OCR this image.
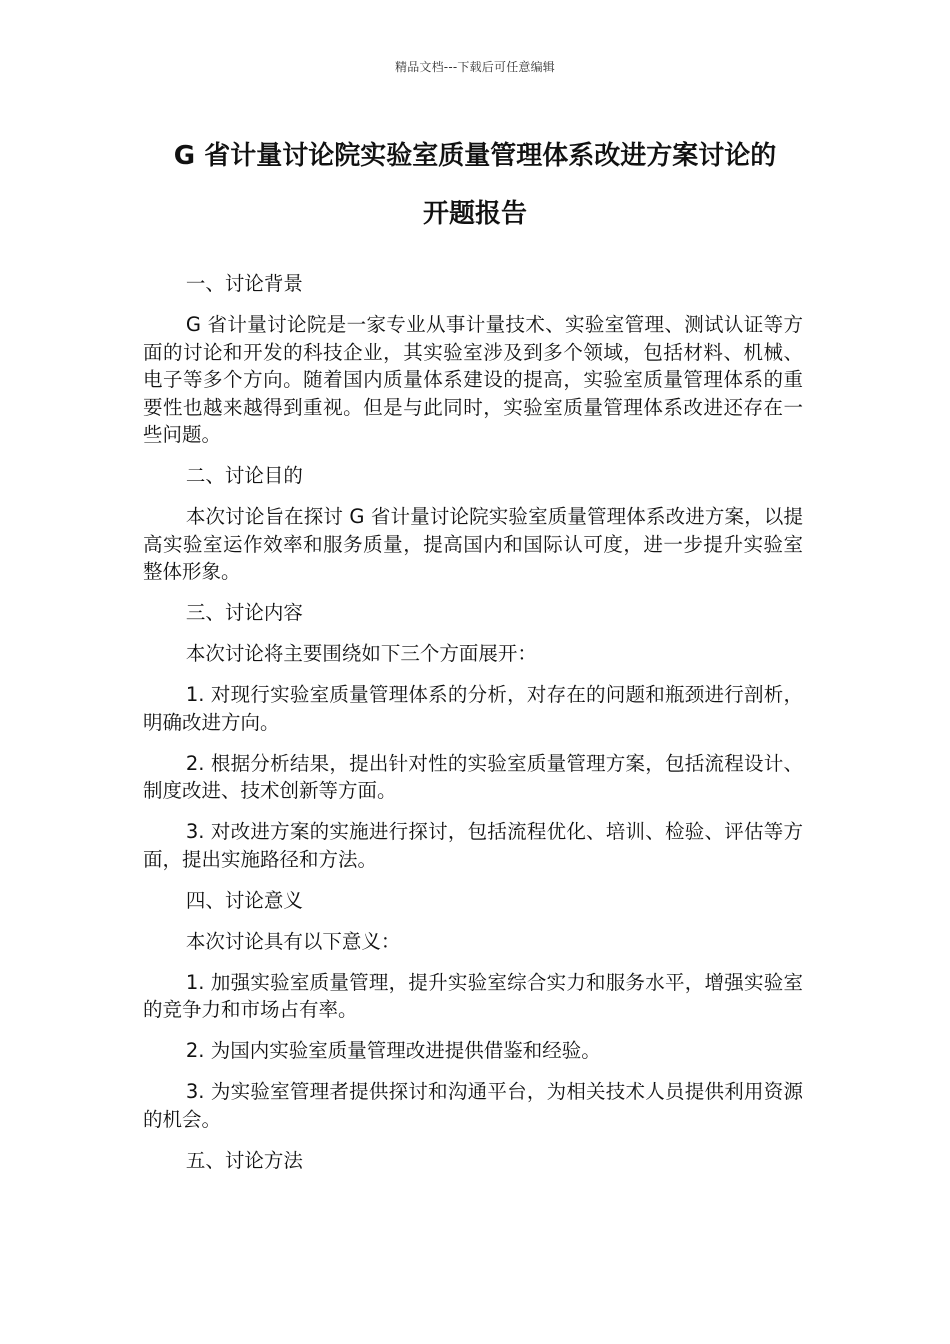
精品文档---下载后可任意编辑
G 省计量讨论院实验室质量管理体系改进方案讨论的
开题报告
一、讨论背景

G 省计量讨论院是一家专业从事计量技术、实验室管理、测试认证等方面的讨论和开发的科技企业，其实验室涉及到多个领域，包括材料、机械、电子等多个方向。随着国内质量体系建设的提高，实验室质量管理体系的重要性也越来越得到重视。但是与此同时，实验室质量管理体系改进还存在一些问题。

二、讨论目的

本次讨论旨在探讨 G 省计量讨论院实验室质量管理体系改进方案，以提高实验室运作效率和服务质量，提高国内和国际认可度，进一步提升实验室整体形象。

三、讨论内容

本次讨论将主要围绕如下三个方面展开：

1. 对现行实验室质量管理体系的分析，对存在的问题和瓶颈进行剖析，明确改进方向。

2. 根据分析结果，提出针对性的实验室质量管理方案，包括流程设计、制度改进、技术创新等方面。

3. 对改进方案的实施进行探讨，包括流程优化、培训、检验、评估等方面，提出实施路径和方法。

四、讨论意义

本次讨论具有以下意义：

1. 加强实验室质量管理，提升实验室综合实力和服务水平，增强实验室的竞争力和市场占有率。

2. 为国内实验室质量管理改进提供借鉴和经验。

3. 为实验室管理者提供探讨和沟通平台，为相关技术人员提供利用资源的机会。

五、讨论方法
